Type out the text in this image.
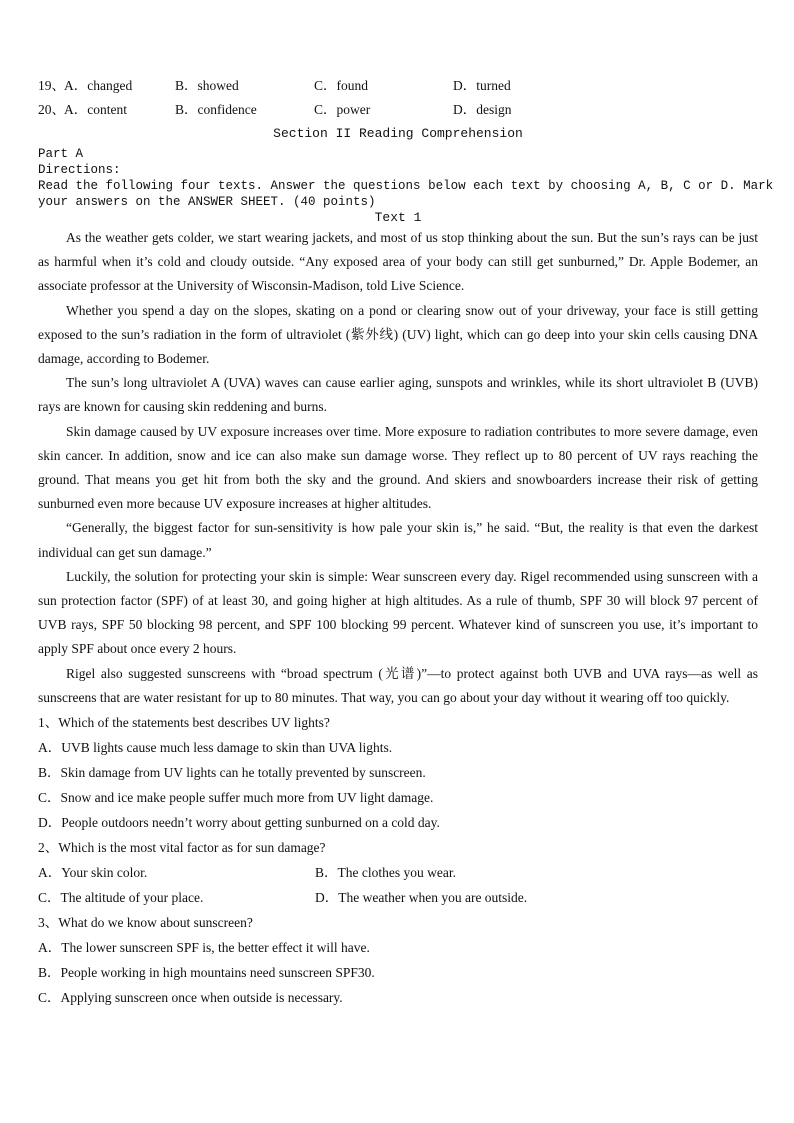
19、 A．changed	B．showed	C．found	D．turned
20、 A．content	B．confidence	C．power	D．design
Section II Reading Comprehension
Part A
Directions:
Read the following four texts. Answer the questions below each text by choosing A, B, C or D. Mark
your answers on the ANSWER SHEET. (40 points)
Text 1

As the weather gets colder, we start wearing jackets, and most of us stop thinking about the sun. But the sun’s rays can be just as harmful when it’s cold and cloudy outside. “Any exposed area of your body can still get sunburned,” Dr. Apple Bodemer, an associate professor at the University of Wisconsin-Madison, told Live Science.

Whether you spend a day on the slopes, skating on a pond or clearing snow out of your driveway, your face is still getting exposed to the sun’s radiation in the form of ultraviolet (紫外线) (UV) light, which can go deep into your skin cells causing DNA damage, according to Bodemer.

The sun’s long ultraviolet A (UVA) waves can cause earlier aging, sunspots and wrinkles, while its short ultraviolet B (UVB) rays are known for causing skin reddening and burns.

Skin damage caused by UV exposure increases over time. More exposure to radiation contributes to more severe damage, even skin cancer. In addition, snow and ice can also make sun damage worse. They reflect up to 80 percent of UV rays reaching the ground. That means you get hit from both the sky and the ground. And skiers and snowboarders increase their risk of getting sunburned even more because UV exposure increases at higher altitudes.

“Generally, the biggest factor for sun-sensitivity is how pale your skin is,” he said. “But, the reality is that even the darkest individual can get sun damage.”

Luckily, the solution for protecting your skin is simple: Wear sunscreen every day. Rigel recommended using sunscreen with a sun protection factor (SPF) of at least 30, and going higher at high altitudes. As a rule of thumb, SPF 30 will block 97 percent of UVB rays, SPF 50 blocking 98 percent, and SPF 100 blocking 99 percent. Whatever kind of sunscreen you use, it’s important to apply SPF about once every 2 hours.

Rigel also suggested sunscreens with “broad spectrum (光谱)”—to protect against both UVB and UVA rays—as well as sunscreens that are water resistant for up to 80 minutes. That way, you can go about your day without it wearing off too quickly.

1、Which of the statements best describes UV lights?

A．UVB lights cause much less damage to skin than UVA lights.

B．Skin damage from UV lights can he totally prevented by sunscreen.

C．Snow and ice make people suffer much more from UV light damage.

D．People outdoors needn’t worry about getting sunburned on a cold day.

2、Which is the most vital factor as for sun damage?

A．Your skin color.	B．The clothes you wear.
C．The altitude of your place.	D．The weather when you are outside.

3、What do we know about sunscreen?

A．The lower sunscreen SPF is, the better effect it will have.

B．People working in high mountains need sunscreen SPF30.

C．Applying sunscreen once when outside is necessary.
